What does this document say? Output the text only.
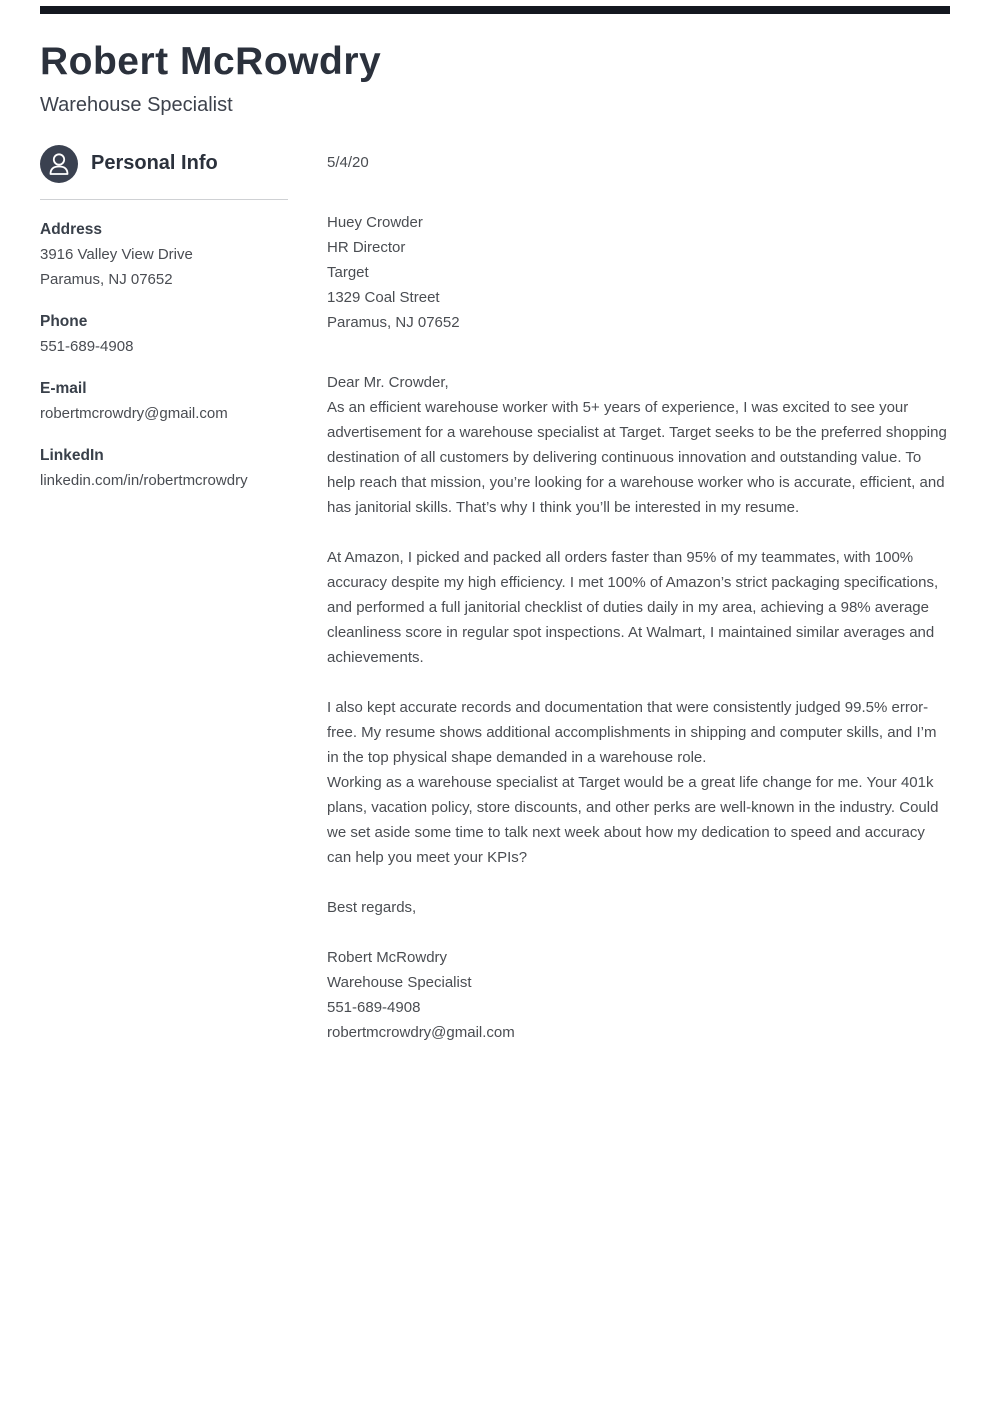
Robert McRowdry
Warehouse Specialist
Personal Info
Address
3916 Valley View Drive
Paramus, NJ 07652
Phone
551-689-4908
E-mail
robertmcrowdry@gmail.com
LinkedIn
linkedin.com/in/robertmcrowdry
5/4/20
Huey Crowder
HR Director
Target
1329 Coal Street
Paramus, NJ 07652
Dear Mr. Crowder,

As an efficient warehouse worker with 5+ years of experience, I was excited to see your advertisement for a warehouse specialist at Target. Target seeks to be the preferred shopping destination of all customers by delivering continuous innovation and outstanding value. To help reach that mission, you’re looking for a warehouse worker who is accurate, efficient, and has janitorial skills. That’s why I think you’ll be interested in my resume.

At Amazon, I picked and packed all orders faster than 95% of my teammates, with 100% accuracy despite my high efficiency. I met 100% of Amazon’s strict packaging specifications, and performed a full janitorial checklist of duties daily in my area, achieving a 98% average cleanliness score in regular spot inspections. At Walmart, I maintained similar averages and achievements.

I also kept accurate records and documentation that were consistently judged 99.5% error-free. My resume shows additional accomplishments in shipping and computer skills, and I’m in the top physical shape demanded in a warehouse role.

Working as a warehouse specialist at Target would be a great life change for me. Your 401k plans, vacation policy, store discounts, and other perks are well-known in the industry. Could we set aside some time to talk next week about how my dedication to speed and accuracy can help you meet your KPIs?

Best regards,
Robert McRowdry
Warehouse Specialist
551-689-4908
robertmcrowdry@gmail.com
